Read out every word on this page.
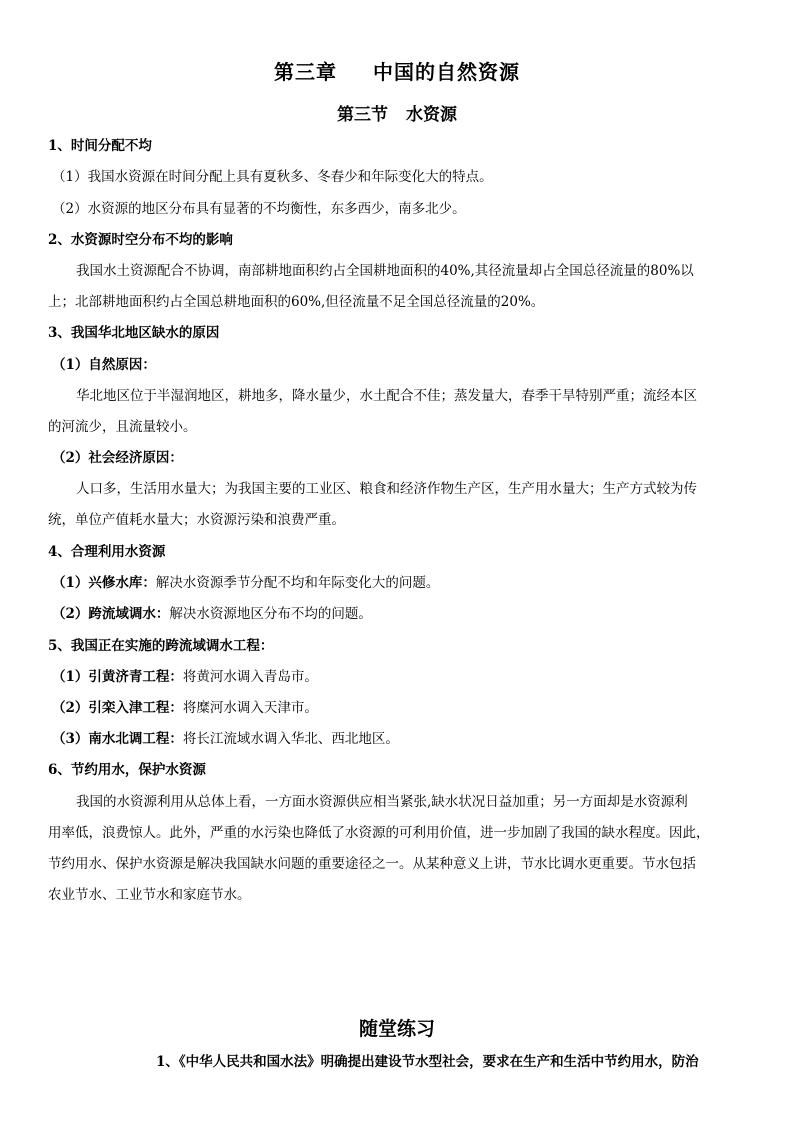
第三章 中国的自然资源
第三节 水资源
1、时间分配不均
（1）我国水资源在时间分配上具有夏秋多、冬春少和年际变化大的特点。
（2）水资源的地区分布具有显著的不均衡性，东多西少，南多北少。
2、水资源时空分布不均的影响
我国水土资源配合不协调，南部耕地面积约占全国耕地面积的40%,其径流量却占全国总径流量的80%以
上；北部耕地面积约占全国总耕地面积的60%,但径流量不足全国总径流量的20%。
3、我国华北地区缺水的原因
（1）自然原因：
华北地区位于半湿润地区，耕地多，降水量少，水土配合不佳；蒸发量大，春季干旱特别严重；流经本区
的河流少，且流量较小。
（2）社会经济原因：
人口多，生活用水量大；为我国主要的工业区、粮食和经济作物生产区，生产用水量大；生产方式较为传
统，单位产值耗水量大；水资源污染和浪费严重。
4、合理利用水资源
（1）兴修水库：解决水资源季节分配不均和年际变化大的问题。
（2）跨流域调水：解决水资源地区分布不均的问题。
5、我国正在实施的跨流域调水工程：
（1）引黄济青工程：将黄河水调入青岛市。
（2）引栾入津工程：将糜河水调入天津市。
（3）南水北调工程：将长江流域水调入华北、西北地区。
6、节约用水，保护水资源
我国的水资源利用从总体上看，一方面水资源供应相当紧张,缺水状况日益加重；另一方面却是水资源利
用率低，浪费惊人。此外，严重的水污染也降低了水资源的可利用价值，进一步加剧了我国的缺水程度。因此，
节约用水、保护水资源是解决我国缺水问题的重要途径之一。从某种意义上讲，节水比调水更重要。节水包括
农业节水、工业节水和家庭节水。
随堂练习
1、《中华人民共和国水法》明确提出建设节水型社会，要求在生产和生活中节约用水，防治
